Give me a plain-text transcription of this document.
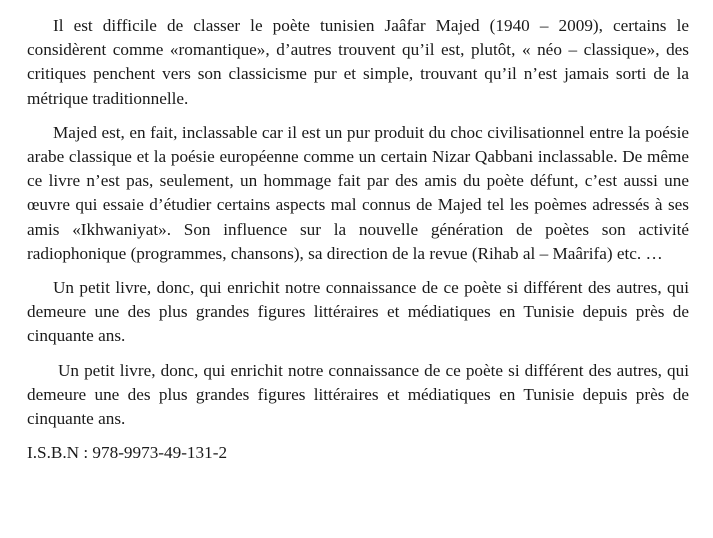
Il est difficile de classer le poète tunisien Jaâfar Majed (1940 – 2009), certains le considèrent comme «romantique», d’autres trouvent qu’il est, plutôt, « néo – classique», des critiques penchent vers son classicisme pur et simple, trouvant qu’il n’est jamais sorti de la métrique traditionnelle.

Majed est, en fait, inclassable car il est un pur produit du choc civilisationnel entre la poésie arabe classique et la poésie européenne comme un certain Nizar Qabbani inclassable. De même ce livre n’est pas, seulement, un hommage fait par des amis du poète défunt, c’est aussi une œuvre qui essaie d’étudier certains aspects mal connus de Majed tel les poèmes adressés à ses amis «Ikhwaniyat». Son influence sur la nouvelle génération de poètes son activité radiophonique (programmes, chansons), sa direction de la revue (Rihab al – Maârifa) etc. …

Un petit livre, donc, qui enrichit notre connaissance de ce poète si différent des autres, qui demeure une des plus grandes figures littéraires et médiatiques en Tunisie depuis près de cinquante ans.

Un petit livre, donc, qui enrichit notre connaissance de ce poète si différent des autres, qui demeure une des plus grandes figures littéraires et médiatiques en Tunisie depuis près de cinquante ans.

I.S.B.N : 978-9973-49-131-2
